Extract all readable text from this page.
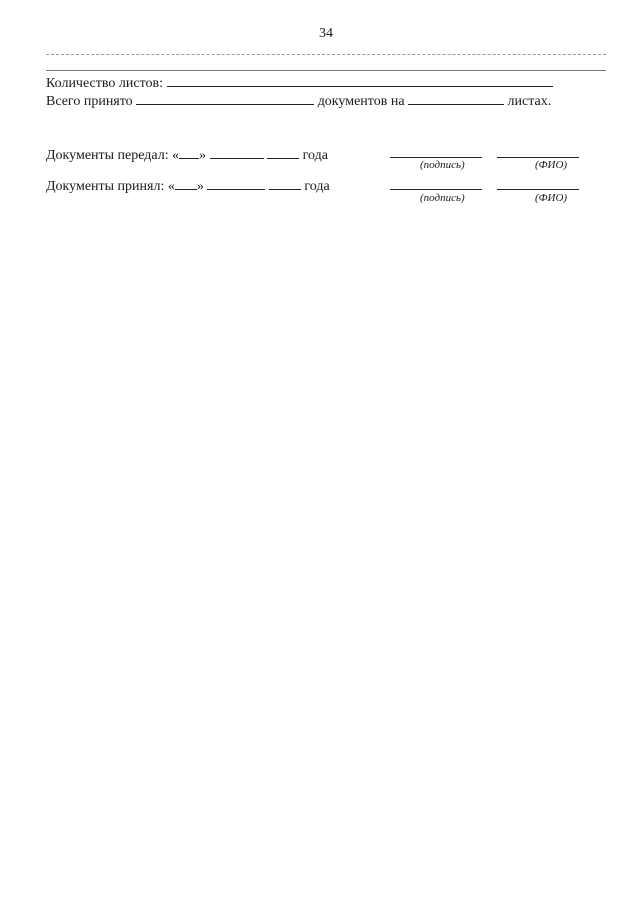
34
Количество листов:
Всего принято	документов на	листах.
Документы передал: « »	года
(подпись)	(ФИО)
Документы принял: « »	года
(подпись)	(ФИО)
